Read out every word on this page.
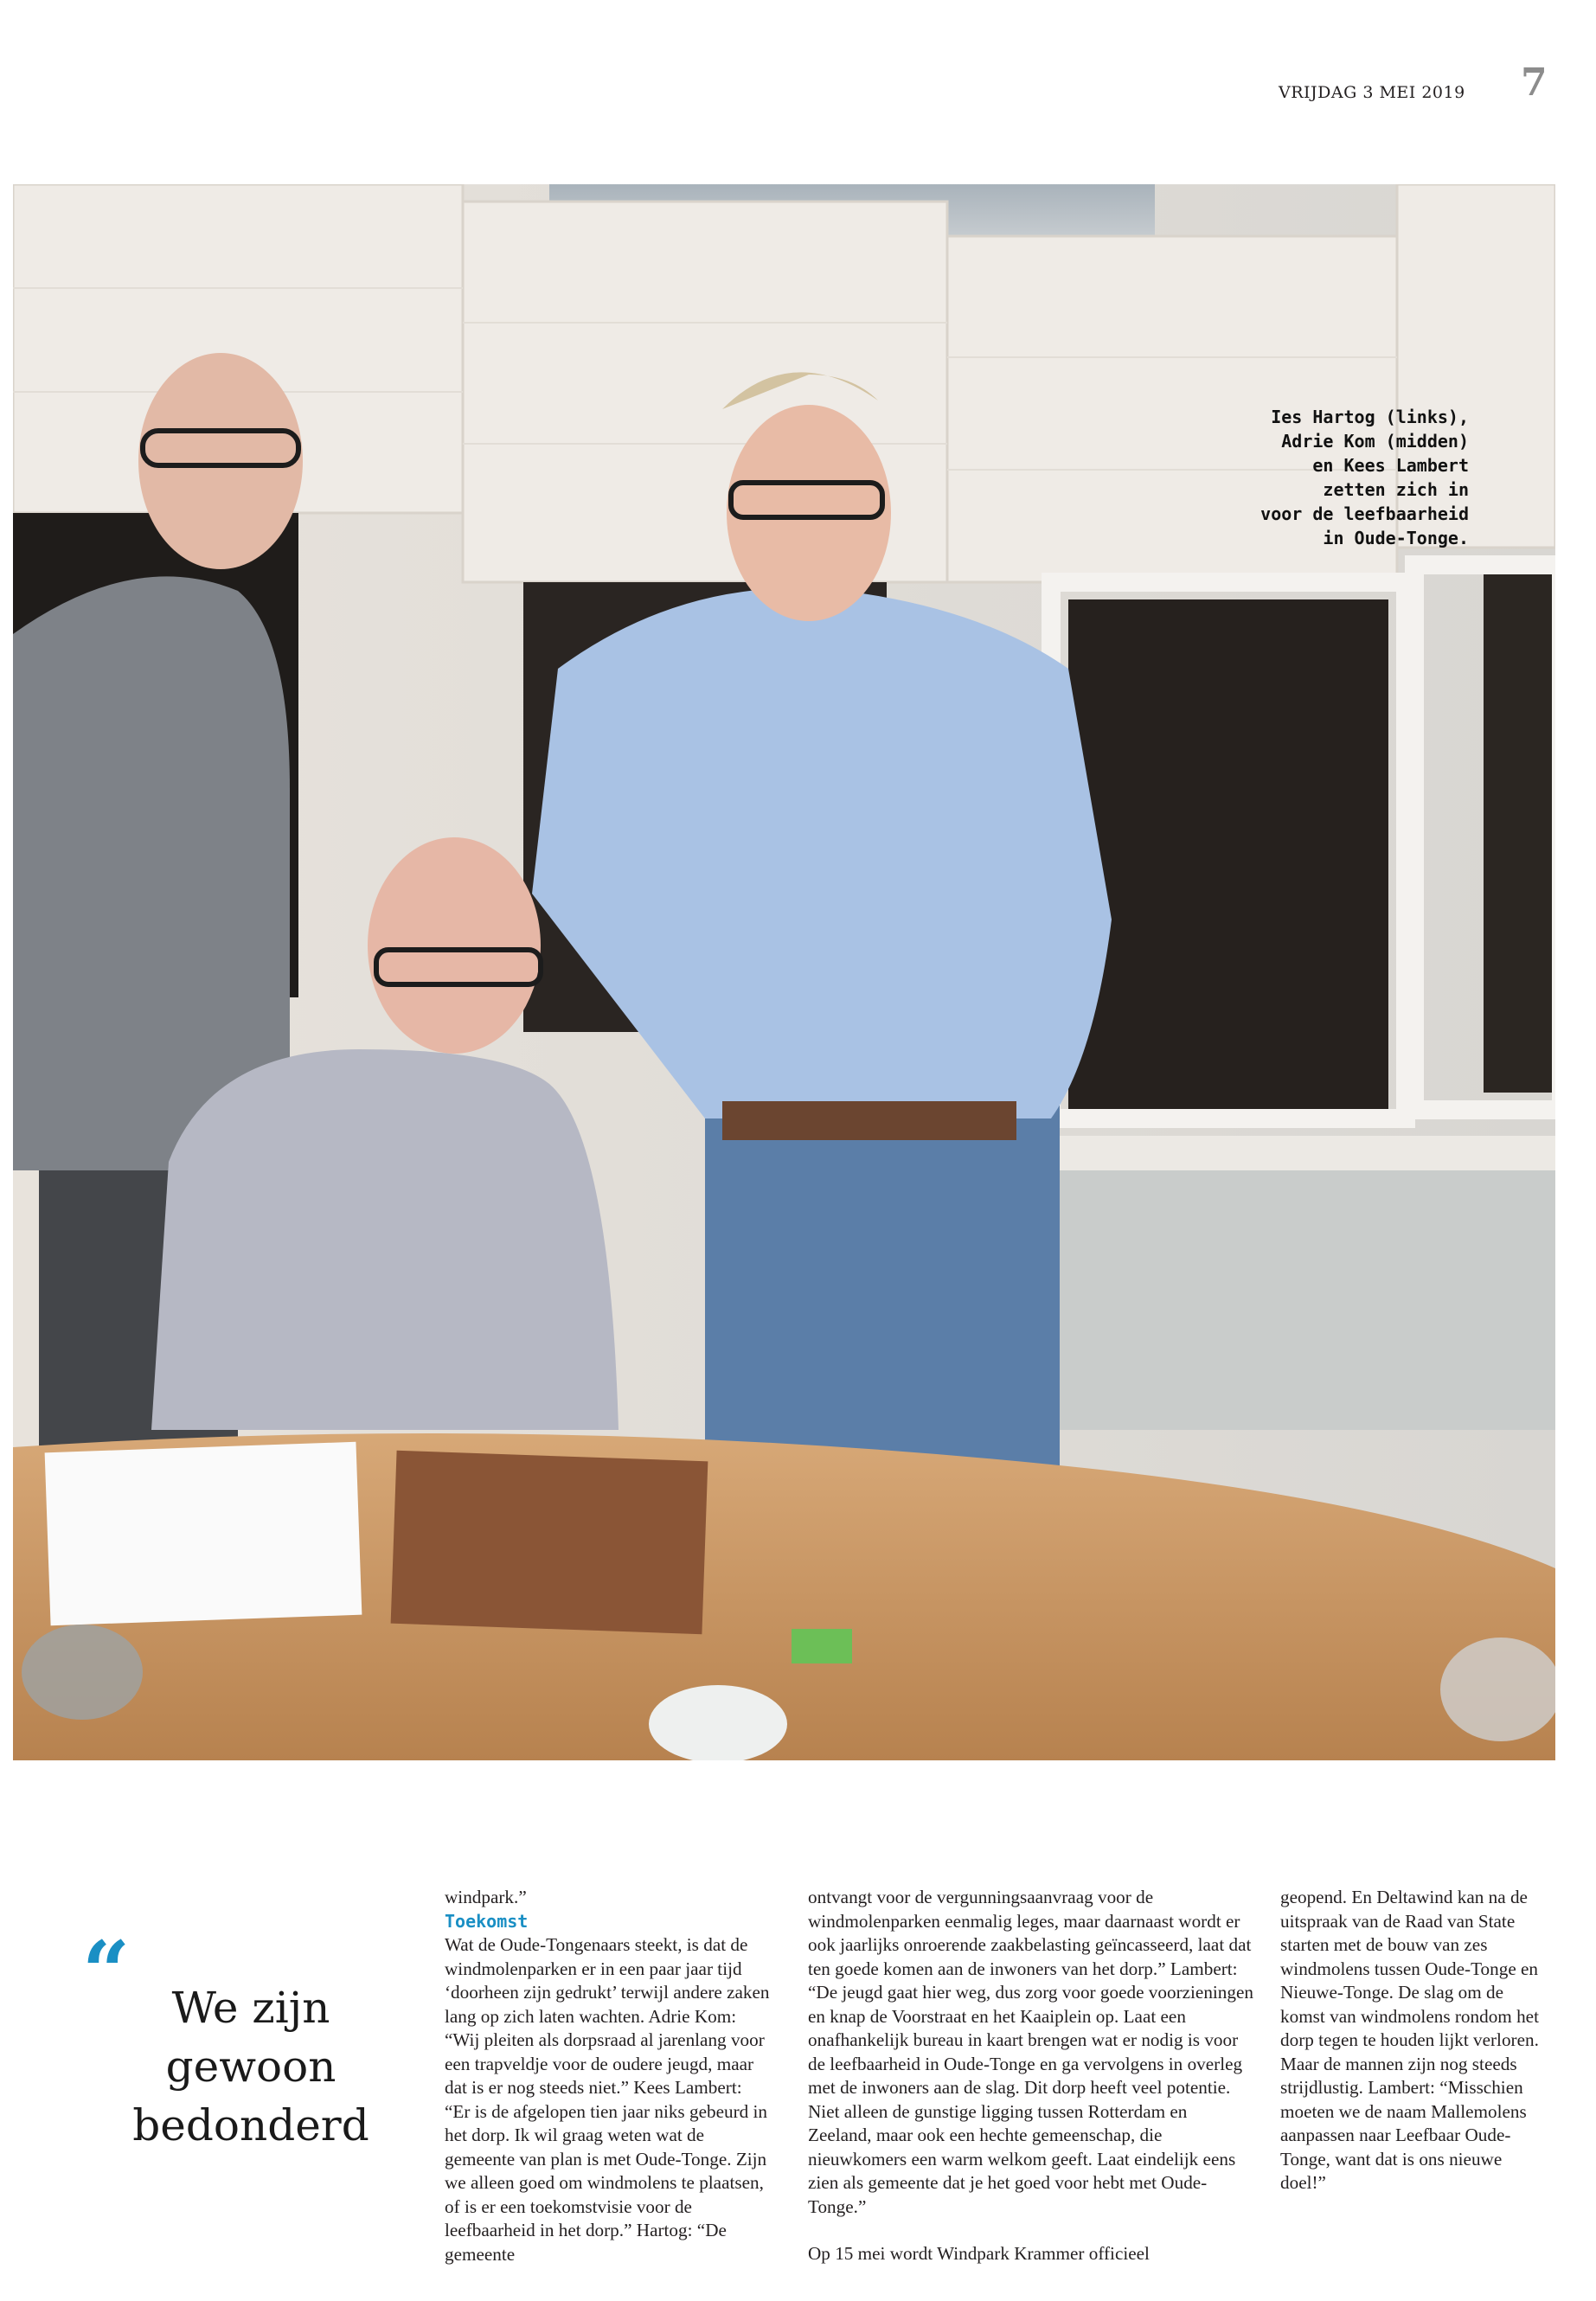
VRIJDAG 3 MEI 2019 7
Ies Hartog (links),
Adrie Kom (midden)
en Kees Lambert
zetten zich in
voor de leefbaarheid
in Oude-Tonge.
“ We zijn
gewoon
bedonderd

windpark.”

Toekomst

Wat de Oude-Tongenaars steekt, is dat de windmolenparken er in een paar jaar tijd ‘doorheen zijn gedrukt’ terwijl andere zaken lang op zich laten wachten. Adrie Kom: “Wij pleiten als dorpsraad al jarenlang voor een trapveldje voor de oudere jeugd, maar dat is er nog steeds niet.” Kees Lambert: “Er is de afgelopen tien jaar niks gebeurd in het dorp. Ik wil graag weten wat de gemeente van plan is met Oude-Tonge. Zijn we alleen goed om windmolens te plaatsen, of is er een toekomstvisie voor de leefbaarheid in het dorp.” Hartog: “De gemeente

ontvangt voor de vergunningsaanvraag voor de windmolenparken eenmalig leges, maar daarnaast wordt er ook jaarlijks onroerende zaakbelasting geïncasseerd, laat dat ten goede komen aan de inwoners van het dorp.” Lambert: “De jeugd gaat hier weg, dus zorg voor goede voorzieningen en knap de Voorstraat en het Kaaiplein op. Laat een onafhankelijk bureau in kaart brengen wat er nodig is voor de leefbaarheid in Oude-Tonge en ga vervolgens in overleg met de inwoners aan de slag. Dit dorp heeft veel potentie. Niet alleen de gunstige ligging tussen Rotterdam en Zeeland, maar ook een hechte gemeenschap, die nieuwkomers een warm welkom geeft. Laat eindelijk eens zien als gemeente dat je het goed voor hebt met Oude-Tonge.”

Op 15 mei wordt Windpark Krammer officieel

geopend. En Deltawind kan na de uitspraak van de Raad van State starten met de bouw van zes windmolens tussen Oude-Tonge en Nieuwe-Tonge. De slag om de komst van windmolens rondom het dorp tegen te houden lijkt verloren. Maar de mannen zijn nog steeds strijdlustig. Lambert: “Misschien moeten we de naam Mallemolens aanpassen naar Leefbaar Oude-Tonge, want dat is ons nieuwe doel!”
